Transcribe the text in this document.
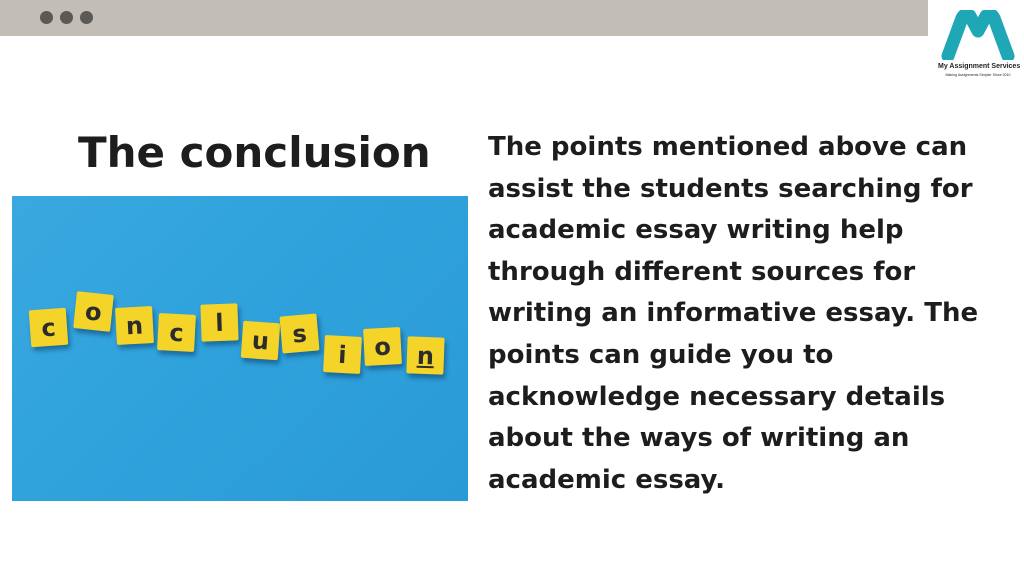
My Assignment Services
Making Assignments Simpler Since 2010
The conclusion
c
o n	c	l
u s
i	o	n

The points mentioned above can assist the students searching for academic essay writing help through different sources for writing an informative essay. The points can guide you to acknowledge necessary details about the ways of writing an academic essay.
